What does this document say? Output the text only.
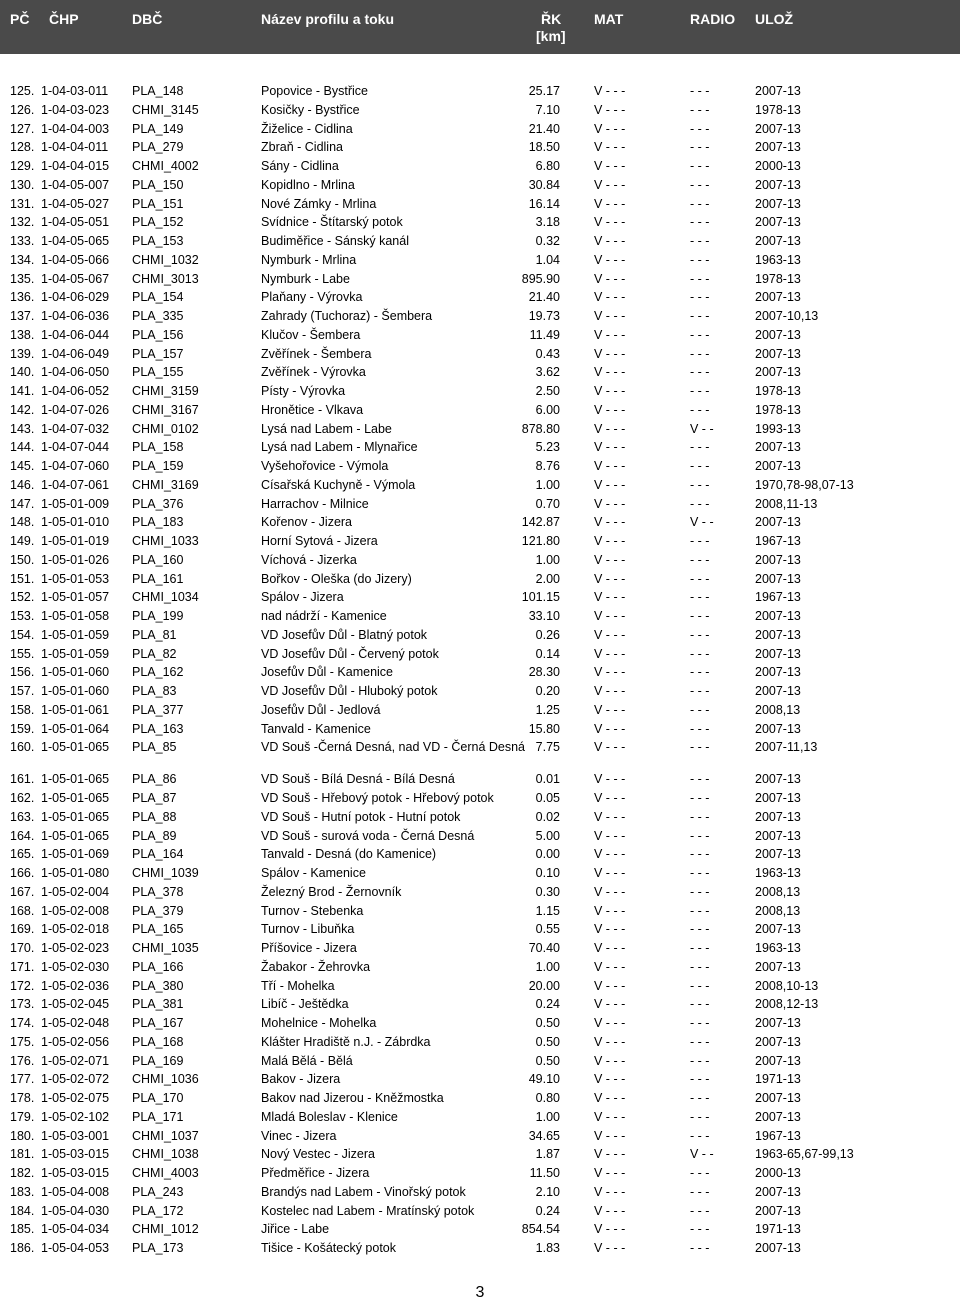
PČ ČHP	DBČ	Název profilu a toku	ŘK
[km]
MAT	RADIO ULOŽ
125. 1-04-03-011 PLA_148	Popovice - Bystřice	25.17	V - - -	- - -	2007-13
126. 1-04-03-023 CHMI_3145	Kosičky - Bystřice	7.10	V - - -	- - -	1978-13
127. 1-04-04-003 PLA_149	Žiželice - Cidlina	21.40	V - - -	- - -	2007-13
128. 1-04-04-011 PLA_279	Zbraň - Cidlina	18.50	V - - -	- - -	2007-13
129. 1-04-04-015 CHMI_4002	Sány - Cidlina	6.80	V - - -	- - -	2000-13
130. 1-04-05-007 PLA_150	Kopidlno - Mrlina	30.84	V - - -	- - -	2007-13
131. 1-04-05-027 PLA_151	Nové Zámky - Mrlina	16.14	V - - -	- - -	2007-13
132. 1-04-05-051 PLA_152	Svídnice - Štítarský potok	3.18	V - - -	- - -	2007-13
133. 1-04-05-065 PLA_153	Budiměřice - Sánský kanál	0.32	V - - -	- - -	2007-13
134. 1-04-05-066 CHMI_1032	Nymburk - Mrlina	1.04	V - - -	- - -	1963-13
135. 1-04-05-067 CHMI_3013	Nymburk - Labe	895.90	V - - -	- - -	1978-13
136. 1-04-06-029 PLA_154	Plaňany - Výrovka	21.40	V - - -	- - -	2007-13
137. 1-04-06-036 PLA_335	Zahrady (Tuchoraz) - Šembera	19.73	V - - -	- - -	2007-10,13
138. 1-04-06-044 PLA_156	Klučov - Šembera	11.49	V - - -	- - -	2007-13
139. 1-04-06-049 PLA_157	Zvěřínek - Šembera	0.43	V - - -	- - -	2007-13
140. 1-04-06-050 PLA_155	Zvěřínek - Výrovka	3.62	V - - -	- - -	2007-13
141. 1-04-06-052 CHMI_3159	Písty - Výrovka	2.50	V - - -	- - -	1978-13
142. 1-04-07-026 CHMI_3167	Hronětice - Vlkava	6.00	V - - -	- - -	1978-13
143. 1-04-07-032 CHMI_0102	Lysá nad Labem - Labe	878.80	V - - -	V - -	1993-13
144. 1-04-07-044 PLA_158	Lysá nad Labem - Mlynařice	5.23	V - - -	- - -	2007-13
145. 1-04-07-060 PLA_159	Vyšehořovice - Výmola	8.76	V - - -	- - -	2007-13
146. 1-04-07-061 CHMI_3169	Císařská Kuchyně - Výmola	1.00	V - - -	- - -	1970,78-98,07-13
147. 1-05-01-009 PLA_376	Harrachov - Milnice	0.70	V - - -	- - -	2008,11-13
148. 1-05-01-010 PLA_183	Kořenov - Jizera	142.87	V - - -	V - -	2007-13
149. 1-05-01-019 CHMI_1033	Horní Sytová - Jizera	121.80	V - - -	- - -	1967-13
150. 1-05-01-026 PLA_160	Víchová - Jizerka	1.00	V - - -	- - -	2007-13
151. 1-05-01-053 PLA_161	Bořkov - Oleška (do Jizery)	2.00	V - - -	- - -	2007-13
152. 1-05-01-057 CHMI_1034	Spálov - Jizera	101.15	V - - -	- - -	1967-13
153. 1-05-01-058 PLA_199	nad nádrží - Kamenice	33.10	V - - -	- - -	2007-13
154. 1-05-01-059 PLA_81	VD Josefův Důl - Blatný potok	0.26	V - - -	- - -	2007-13
155. 1-05-01-059 PLA_82	VD Josefův Důl - Červený potok	0.14	V - - -	- - -	2007-13
156. 1-05-01-060 PLA_162	Josefův Důl - Kamenice	28.30	V - - -	- - -	2007-13
157. 1-05-01-060 PLA_83	VD Josefův Důl - Hluboký potok	0.20	V - - -	- - -	2007-13
158. 1-05-01-061 PLA_377	Josefův Důl - Jedlová	1.25	V - - -	- - -	2008,13
159. 1-05-01-064 PLA_163	Tanvald - Kamenice	15.80	V - - -	- - -	2007-13
160. 1-05-01-065 PLA_85	VD Souš -Černá Desná, nad VD - Černá Desná 7.75	V - - -	- - -	2007-11,13
161. 1-05-01-065 PLA_86	VD Souš - Bílá Desná - Bílá Desná	0.01	V - - -	- - -	2007-13
162. 1-05-01-065 PLA_87	VD Souš - Hřebový potok - Hřebový potok	0.05	V - - -	- - -	2007-13
163. 1-05-01-065 PLA_88	VD Souš - Hutní potok - Hutní potok	0.02	V - - -	- - -	2007-13
164. 1-05-01-065 PLA_89	VD Souš - surová voda - Černá Desná	5.00	V - - -	- - -	2007-13
165. 1-05-01-069 PLA_164	Tanvald - Desná (do Kamenice)	0.00	V - - -	- - -	2007-13
166. 1-05-01-080 CHMI_1039	Spálov - Kamenice	0.10	V - - -	- - -	1963-13
167. 1-05-02-004 PLA_378	Železný Brod - Žernovník	0.30	V - - -	- - -	2008,13
168. 1-05-02-008 PLA_379	Turnov - Stebenka	1.15	V - - -	- - -	2008,13
169. 1-05-02-018 PLA_165	Turnov - Libuňka	0.55	V - - -	- - -	2007-13
170. 1-05-02-023 CHMI_1035	Příšovice - Jizera	70.40	V - - -	- - -	1963-13
171. 1-05-02-030 PLA_166	Žabakor - Žehrovka	1.00	V - - -	- - -	2007-13
172. 1-05-02-036 PLA_380	Tří - Mohelka	20.00	V - - -	- - -	2008,10-13
173. 1-05-02-045 PLA_381	Libíč - Ještědka	0.24	V - - -	- - -	2008,12-13
174. 1-05-02-048 PLA_167	Mohelnice - Mohelka	0.50	V - - -	- - -	2007-13
175. 1-05-02-056 PLA_168	Klášter Hradiště n.J. - Zábrdka	0.50	V - - -	- - -	2007-13
176. 1-05-02-071 PLA_169	Malá Bělá - Bělá	0.50	V - - -	- - -	2007-13
177. 1-05-02-072 CHMI_1036	Bakov - Jizera	49.10	V - - -	- - -	1971-13
178. 1-05-02-075 PLA_170	Bakov nad Jizerou - Kněžmostka	0.80	V - - -	- - -	2007-13
179. 1-05-02-102 PLA_171	Mladá Boleslav - Klenice	1.00	V - - -	- - -	2007-13
180. 1-05-03-001 CHMI_1037	Vinec - Jizera	34.65	V - - -	- - -	1967-13
181. 1-05-03-015 CHMI_1038	Nový Vestec - Jizera	1.87	V - - -	V - -	1963-65,67-99,13
182. 1-05-03-015 CHMI_4003	Předměřice - Jizera	11.50	V - - -	- - -	2000-13
183. 1-05-04-008 PLA_243	Brandýs nad Labem - Vinořský potok	2.10	V - - -	- - -	2007-13
184. 1-05-04-030 PLA_172	Kostelec nad Labem - Mratínský potok	0.24	V - - -	- - -	2007-13
185. 1-05-04-034 CHMI_1012	Jiřice - Labe	854.54	V - - -	- - -	1971-13
186. 1-05-04-053 PLA_173	Tišice - Košátecký potok	1.83	V - - -	- - -	2007-13
3
